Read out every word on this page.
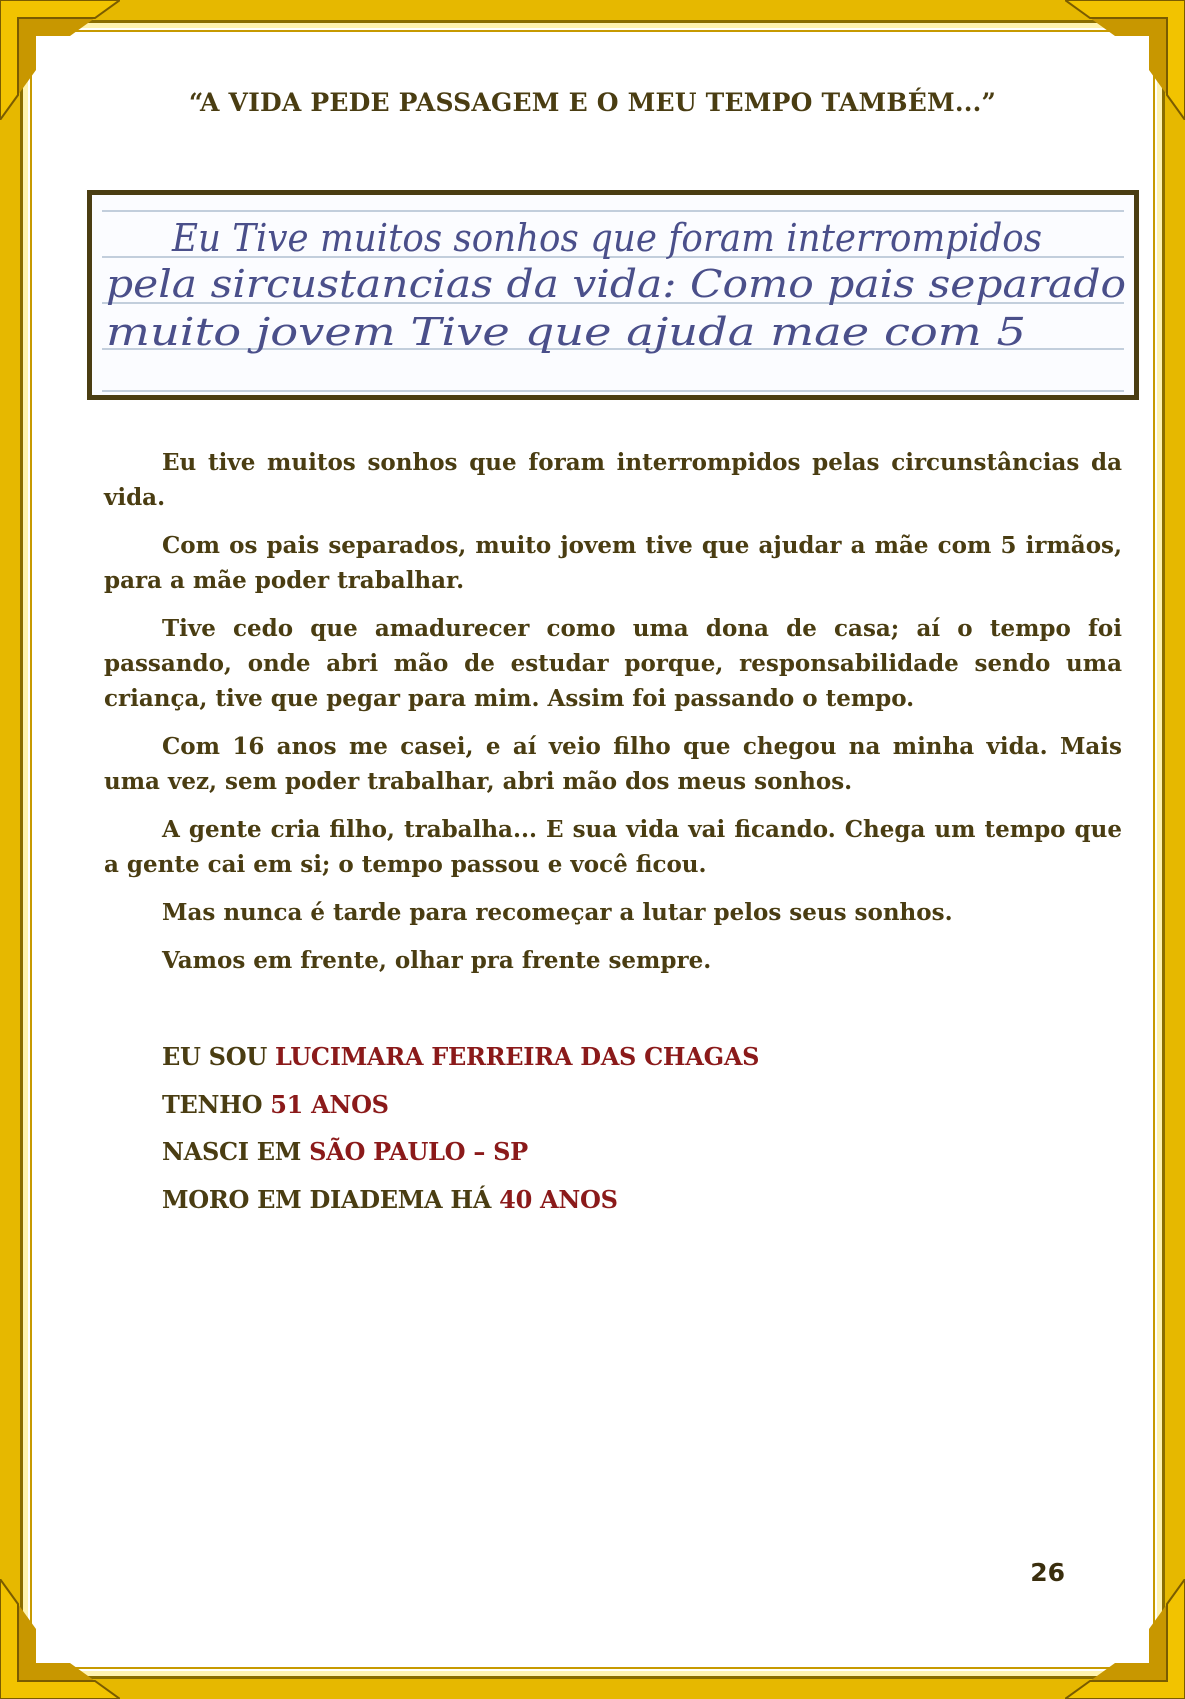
“A VIDA PEDE PASSAGEM E O MEU TEMPO TAMBÉM...”
Eu Tive muitos sonhos que foram interrompidos
pela sircustancias da vida: Como pais separado
muito jovem Tive que ajuda mae com 5

Eu tive muitos sonhos que foram interrompidos pelas circunstâncias da vida.

Com os pais separados, muito jovem tive que ajudar a mãe com 5 irmãos, para a mãe poder trabalhar.

Tive cedo que amadurecer como uma dona de casa; aí o tempo foi passando, onde abri mão de estudar porque, responsabilidade sendo uma criança, tive que pegar para mim. Assim foi passando o tempo.

Com 16 anos me casei, e aí veio filho que chegou na minha vida. Mais uma vez, sem poder trabalhar, abri mão dos meus sonhos.

A gente cria filho, trabalha... E sua vida vai ficando. Chega um tempo que a gente cai em si; o tempo passou e você ficou.

Mas nunca é tarde para recomeçar a lutar pelos seus sonhos.

Vamos em frente, olhar pra frente sempre.

EU SOU LUCIMARA FERREIRA DAS CHAGAS
TENHO 51 ANOS
NASCI EM SÃO PAULO – SP
MORO EM DIADEMA HÁ 40 ANOS
26
